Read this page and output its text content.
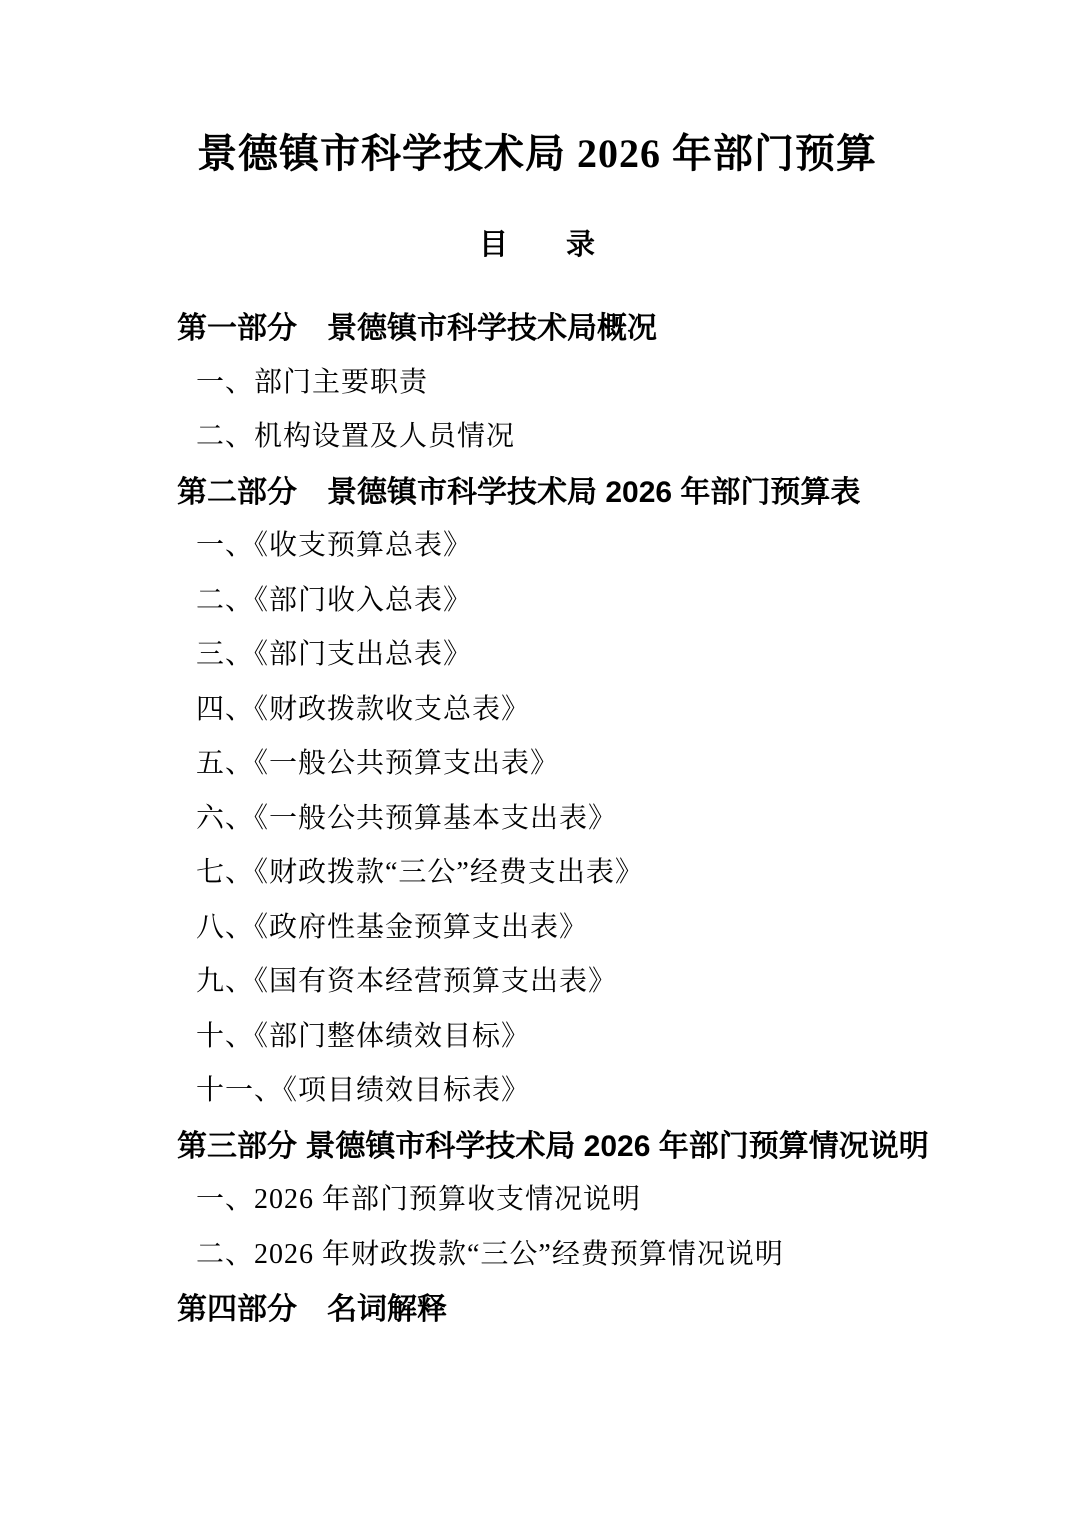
景德镇市科学技术局 2026 年部门预算
目　　录
第一部分　景德镇市科学技术局概况
一、部门主要职责
二、机构设置及人员情况
第二部分　景德镇市科学技术局 2026 年部门预算表
一、《收支预算总表》
二、《部门收入总表》
三、《部门支出总表》
四、《财政拨款收支总表》
五、《一般公共预算支出表》
六、《一般公共预算基本支出表》
七、《财政拨款“三公”经费支出表》
八、《政府性基金预算支出表》
九、《国有资本经营预算支出表》
十、《部门整体绩效目标》
十一、《项目绩效目标表》
第三部分 景德镇市科学技术局 2026 年部门预算情况说明
一、2026 年部门预算收支情况说明
二、2026 年财政拨款“三公”经费预算情况说明
第四部分　名词解释
